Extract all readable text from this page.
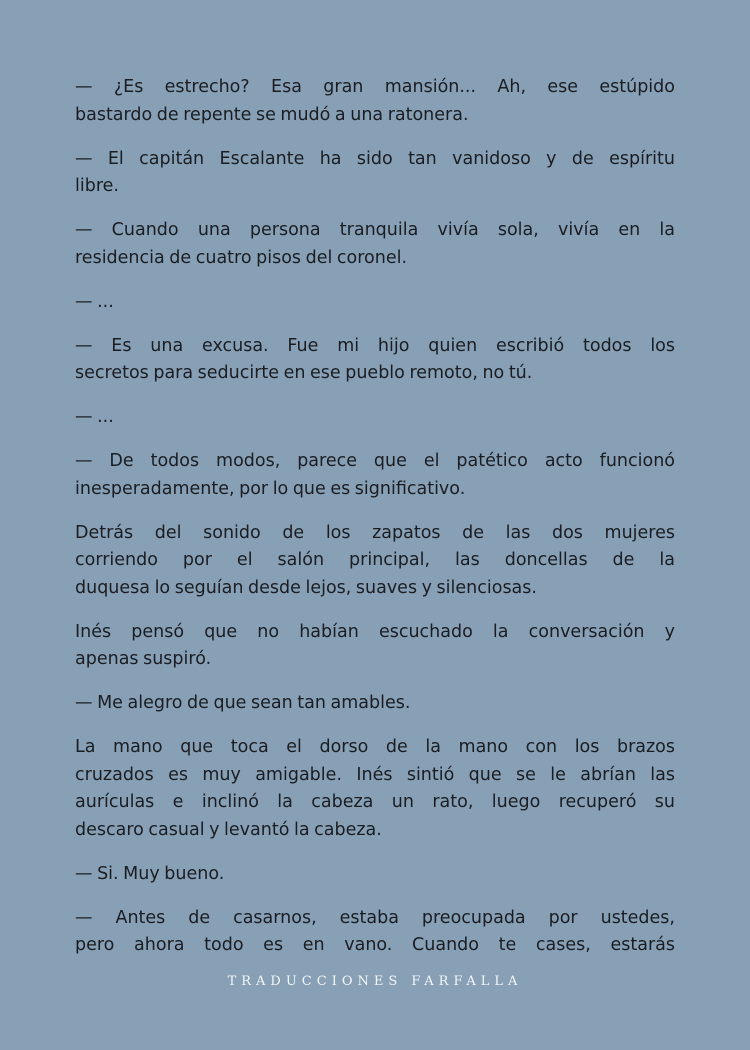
— ¿Es estrecho? Esa gran mansión... Ah, ese estúpido
bastardo de repente se mudó a una ratonera.
— El capitán Escalante ha sido tan vanidoso y de espíritu
libre.
— Cuando una persona tranquila vivía sola, vivía en la
residencia de cuatro pisos del coronel.
— ...
— Es una excusa. Fue mi hijo quien escribió todos los
secretos para seducirte en ese pueblo remoto, no tú.
— ...
— De todos modos, parece que el patético acto funcionó
inesperadamente, por lo que es significativo.
Detrás del sonido de los zapatos de las dos mujeres
corriendo por el salón principal, las doncellas de la
duquesa lo seguían desde lejos, suaves y silenciosas.
Inés pensó que no habían escuchado la conversación y
apenas suspiró.
— Me alegro de que sean tan amables.
La mano que toca el dorso de la mano con los brazos
cruzados es muy amigable. Inés sintió que se le abrían las
aurículas e inclinó la cabeza un rato, luego recuperó su
descaro casual y levantó la cabeza.
— Si. Muy bueno.
— Antes de casarnos, estaba preocupada por ustedes,
pero ahora todo es en vano. Cuando te cases, estarás
TRADUCCIONES FARFALLA
